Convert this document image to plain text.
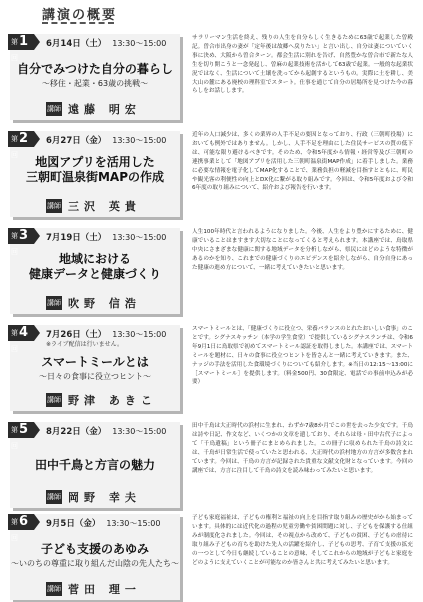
講演の概要
第1回
6月14日（土） 13:30～15:00
自分でみつけた自分の暮らし
～移住・起業・63歳の挑戦～
講師 遠藤 明宏
サラリーマン生活を終え、残りの人生を自分らしく生きるために63歳で起業した曽殿記。曽合市出身の妻が「定年後は故郷へ戻りたい」と言い出し、自分は妻についていく事に決め、大阪から曽合ターン。都会生活に別れを告げ、自然豊かな曽合市で新たな人生を切り開こうと一念発起し、曽麻の起業技術を活かして63歳で起業。一般的な起業状況ではなく、生活について土壌を洗ってから起創するというもの。実際に土を耕し、美大山の麓にある廃校の理科室でスタート。仕事を通じて自分の居場所を見つけた今の暮らしをお話しします。
第2回
6月27日（金） 13:30～15:00
地図アプリを活用した
三朝町温泉街MAPの作成
講師 三沢 英貴
近年の人口減少は、多くの業界の人手不足の要因となっており、行政（三朝町役場）においても例外ではありません。しかし、人手不足を理由にした住民サービスの質の低下は、可能な限り避けるべきです。そのため、令和5年度から情報・経営等及び三朝町の連携事業として「地図アプリを活用した三朝町温泉街MAP作成」に着手しました。業務に必要な情報を電子化してMAP化することで、業務負担の軽減を目指すとともに、町民や観光客の利便性の向上とDX化に繋がる取り組みです。今回は、令和5年度および令和6年度の取り組みについて、紹介および報告を行います。
第3回
7月19日（土） 13:30～15:00
地域における
健康データと健康づくり
講師 吹野 信浩
人生100年時代と言われるようになりました。今後、人生をより豊かにするために、健康でいることはますます大切なことになってくると考えられます。本講座では、鳥取県中央にさまざまな健康に関する地域データを分析しながら、県民にはどのような特徴があるのかを知り、これまでの健康づくりのエビデンスを紹介しながら、自分自身にあった健康の進め方について、一緒に考えていきたいと思います。
第4回
7月26日（土） 13:30～15:00
※ライブ配信は行いません。
スマートミールとは
～日々の食事に役立つヒント～
講師 野津 あきこ
スマートミールとは、「健康づくりに役立つ、栄養バランスのとれたおいしい食事」のことです。シグナスキッチン（本学の学生食堂）で提供しているシグナスランチは、令和6年9月1日に鳥取県で初めてスマートミール認証を取得しました。本講座では、スマートミールを題材に、日々の食事に役立つヒントを皆さんと一緒に考えていきます。また、ナッジの手法を活用した食環境づくりについても紹介します。※当日の12:15～13:00に［スマートミール］を提供します。（料金500円、30食限定、電話での事前申込みが必要）
第5回
8月22日（金） 13:30～15:00
田中千鳥と方言の魅力
講師 岡野 幸夫
田中千鳥は大正時代の浜村に生まれ、わずか7歳8か月でこの世を去った少女です。千鳥は詩や日記、作文など、いくつかの文章を遺しており、それらは母・田中古代子によって「千鳥遺稿」という冊子にまとめられました。この冊子に収められた千鳥の詩文には、千鳥が日常生活で使っていたと思われる、大正時代の浜村地方の方言が多数含まれています。今回は、千鳥の方言が記録された貴重な文献文化財となっています。今回の講座では、方言に注目して千鳥の詩文を読み味わってみたいと思います。
第6回
9月5日（金） 13:30～15:00
子ども支援のあゆみ
～いのちの尊重に取り組んだ山陰の先人たち～
講師 菅田 理一
子ども家庭福祉は、子どもの権利と福祉の向上を目指す取り組みの歴史がから始まっています。具体的には近代化の過程の児童労働や貧困問題に対し、子どもを保護する仕組みが制度化されました。今回は、その視点から改めて、子どもの貧困、子どもの虐待に取り組み子どもの育ちを助けた先人の活躍を紹介し、子どもの思考、子育て支援の拡充の一つとして今日も継続していることの意味、そしてこれからの地域が子どもと家庭をどのように支えていくことが可能なのか皆さんと共に考えてみたいと思います。
